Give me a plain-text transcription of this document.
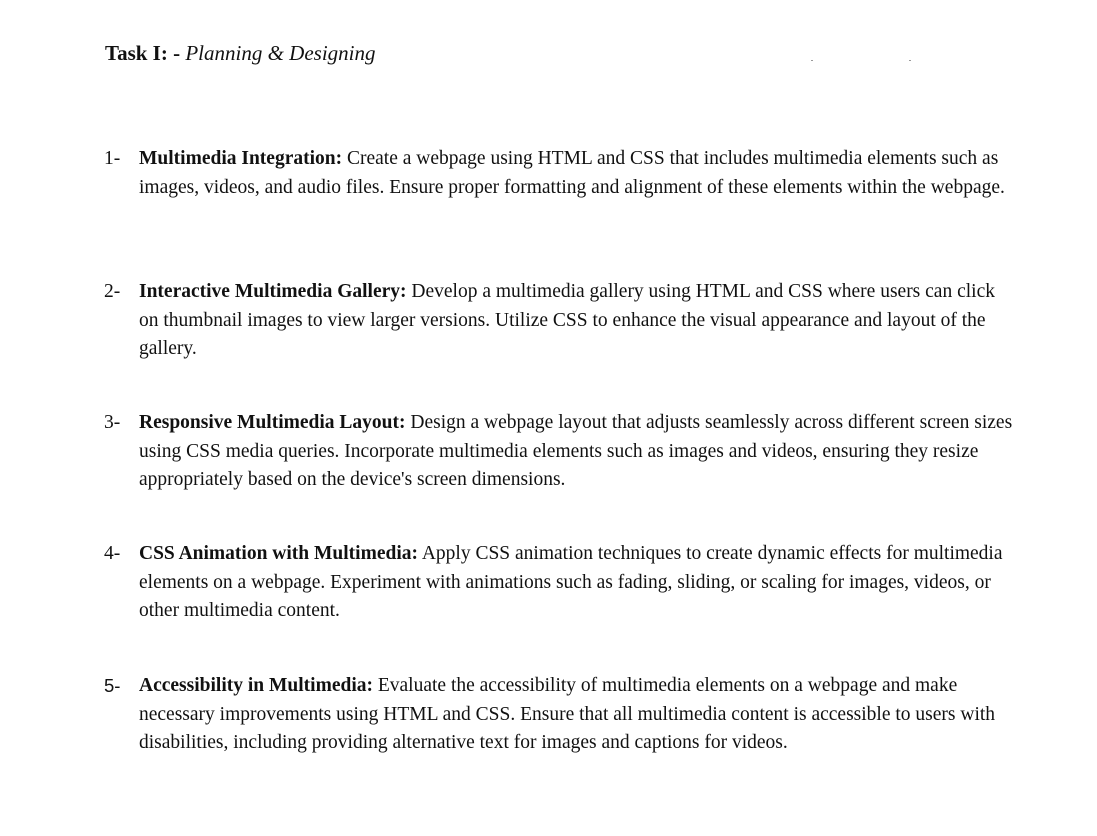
Task I: - Planning & Designing
1- Multimedia Integration: Create a webpage using HTML and CSS that includes multimedia elements such as images, videos, and audio files. Ensure proper formatting and alignment of these elements within the webpage.
2- Interactive Multimedia Gallery: Develop a multimedia gallery using HTML and CSS where users can click on thumbnail images to view larger versions. Utilize CSS to enhance the visual appearance and layout of the gallery.
3- Responsive Multimedia Layout: Design a webpage layout that adjusts seamlessly across different screen sizes using CSS media queries. Incorporate multimedia elements such as images and videos, ensuring they resize appropriately based on the device's screen dimensions.
4- CSS Animation with Multimedia: Apply CSS animation techniques to create dynamic effects for multimedia elements on a webpage. Experiment with animations such as fading, sliding, or scaling for images, videos, or other multimedia content.
5- Accessibility in Multimedia: Evaluate the accessibility of multimedia elements on a webpage and make necessary improvements using HTML and CSS. Ensure that all multimedia content is accessible to users with disabilities, including providing alternative text for images and captions for videos.
